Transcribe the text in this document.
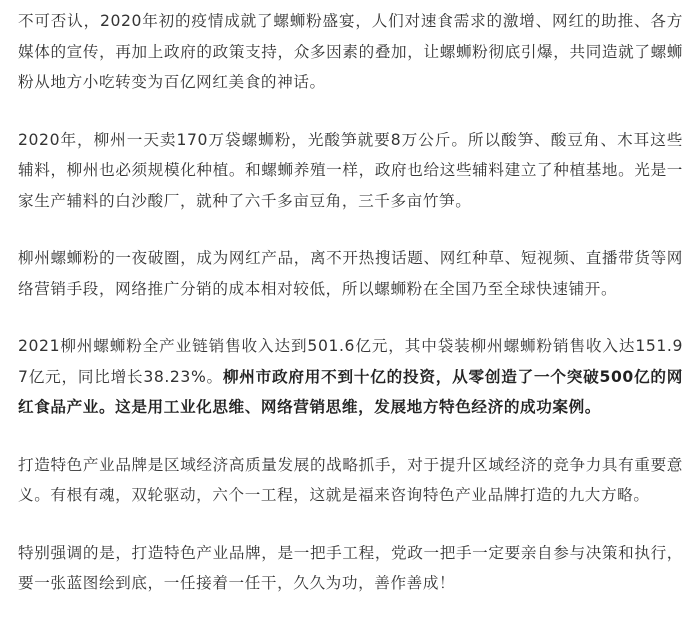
不可否认，2020年初的疫情成就了螺蛳粉盛宴，人们对速食需求的激增、网红的助推、各方媒体的宣传，再加上政府的政策支持，众多因素的叠加，让螺蛳粉彻底引爆，共同造就了螺蛳粉从地方小吃转变为百亿网红美食的神话。

2020年，柳州一天卖170万袋螺蛳粉，光酸笋就要8万公斤。所以酸笋、酸豆角、木耳这些辅料，柳州也必须规模化种植。和螺蛳养殖一样，政府也给这些辅料建立了种植基地。光是一家生产辅料的白沙酸厂，就种了六千多亩豆角，三千多亩竹笋。

柳州螺蛳粉的一夜破圈，成为网红产品，离不开热搜话题、网红种草、短视频、直播带货等网络营销手段，网络推广分销的成本相对较低，所以螺蛳粉在全国乃至全球快速铺开。

2021柳州螺蛳粉全产业链销售收入达到501.6亿元，其中袋装柳州螺蛳粉销售收入达151.97亿元，同比增长38.23%。柳州市政府用不到十亿的投资，从零创造了一个突破500亿的网红食品产业。这是用工业化思维、网络营销思维，发展地方特色经济的成功案例。

打造特色产业品牌是区域经济高质量发展的战略抓手，对于提升区域经济的竞争力具有重要意义。有根有魂，双轮驱动，六个一工程，这就是福来咨询特色产业品牌打造的九大方略。

特别强调的是，打造特色产业品牌，是一把手工程，党政一把手一定要亲自参与决策和执行，要一张蓝图绘到底，一任接着一任干，久久为功，善作善成！
